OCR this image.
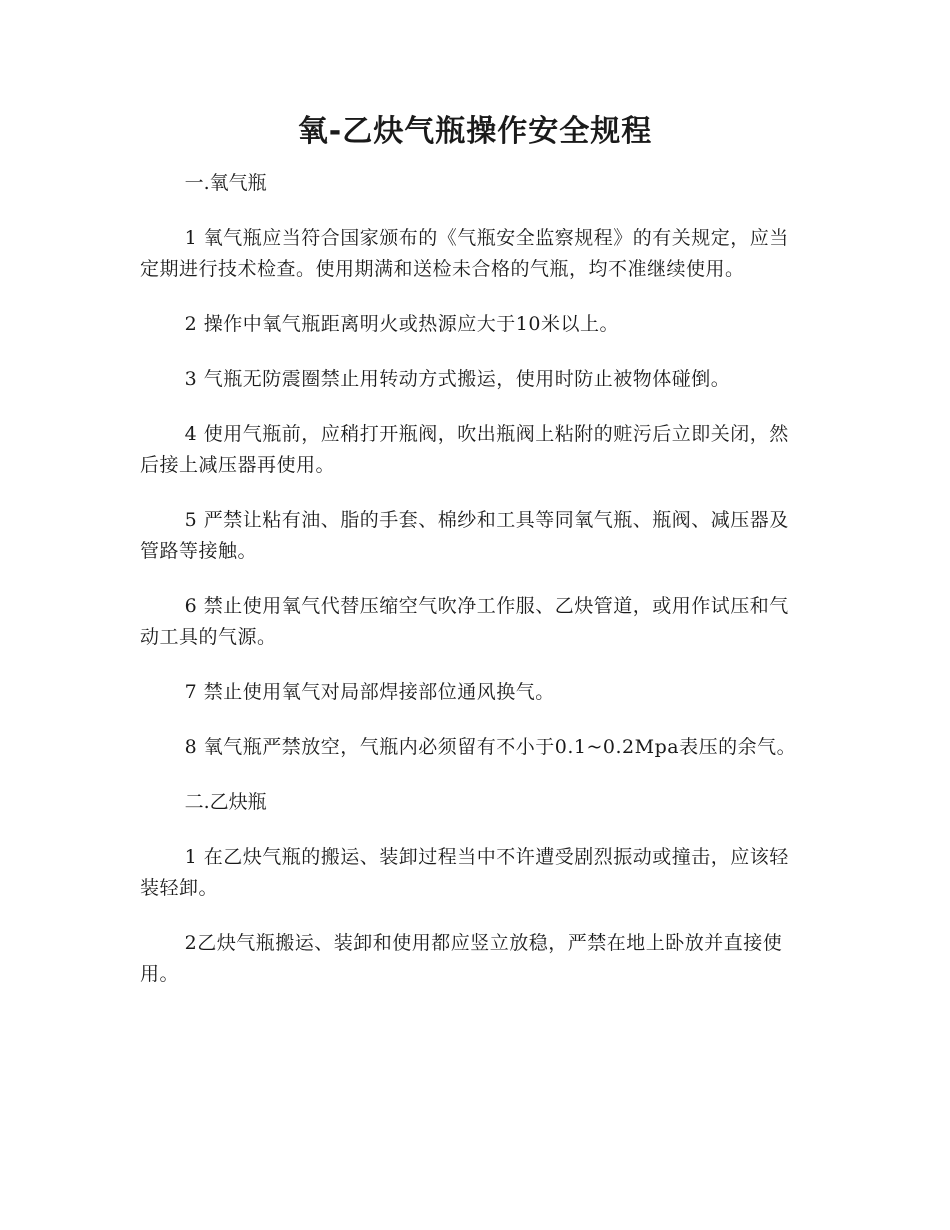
氧-乙炔气瓶操作安全规程

一.氧气瓶

1 氧气瓶应当符合国家颁布的《气瓶安全监察规程》的有关规定，应当定期进行技术检查。使用期满和送检未合格的气瓶，均不准继续使用。

2 操作中氧气瓶距离明火或热源应大于10米以上。

3 气瓶无防震圈禁止用转动方式搬运，使用时防止被物体碰倒。

4 使用气瓶前，应稍打开瓶阀，吹出瓶阀上粘附的赃污后立即关闭，然后接上减压器再使用。

5 严禁让粘有油、脂的手套、棉纱和工具等同氧气瓶、瓶阀、减压器及管路等接触。

6 禁止使用氧气代替压缩空气吹净工作服、乙炔管道，或用作试压和气动工具的气源。

7 禁止使用氧气对局部焊接部位通风换气。

8 氧气瓶严禁放空，气瓶内必须留有不小于0.1~0.2Mpa表压的余气。

二.乙炔瓶

1 在乙炔气瓶的搬运、装卸过程当中不许遭受剧烈振动或撞击，应该轻装轻卸。

2乙炔气瓶搬运、装卸和使用都应竖立放稳，严禁在地上卧放并直接使用。
